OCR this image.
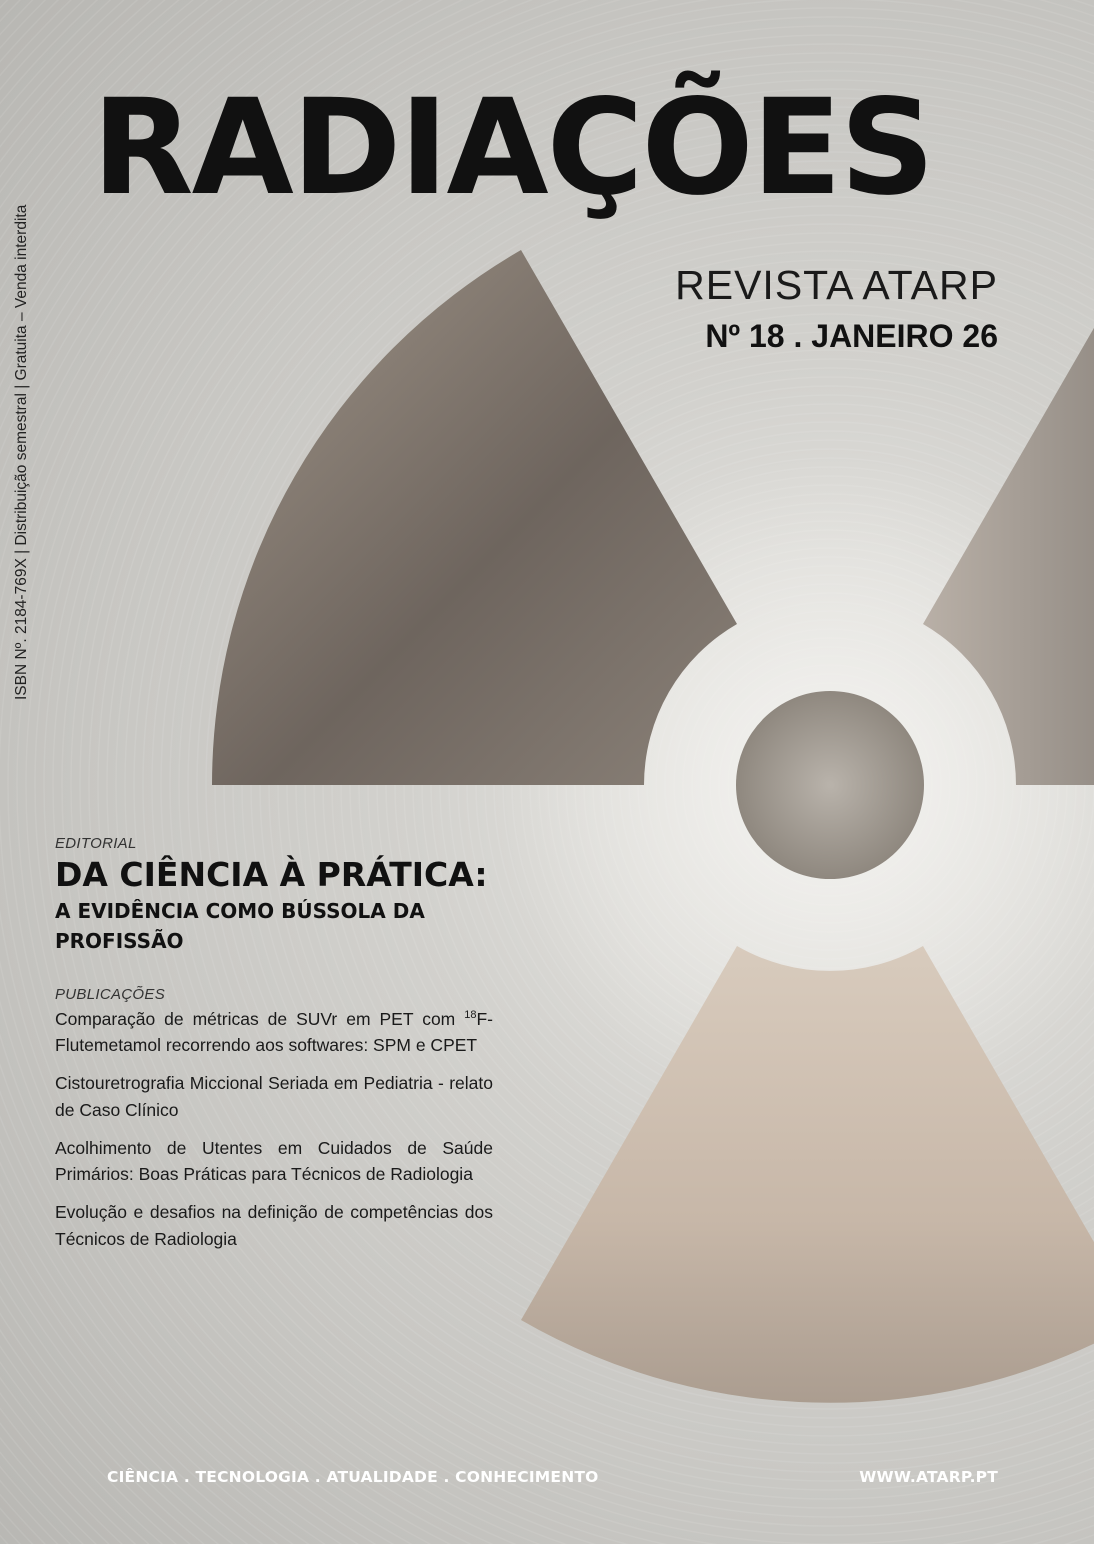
ISBN Nº. 2184-769X | Distribuição semestral | Gratuita – Venda interdita
RADIAÇÕES
REVISTA ATARP
Nº 18 . JANEIRO 26
EDITORIAL
DA CIÊNCIA À PRÁTICA:
A EVIDÊNCIA COMO BÚSSOLA DA PROFISSÃO
PUBLICAÇÕES
Comparação de métricas de SUVr em PET com $^{18}$F-Flutemetamol recorrendo aos softwares: SPM e CPET
Cistouretrografia Miccional Seriada em Pediatria - relato de Caso Clínico
Acolhimento de Utentes em Cuidados de Saúde Primários: Boas Práticas para Técnicos de Radiologia
Evolução e desafios na definição de competências dos Técnicos de Radiologia
CIÊNCIA . TECNOLOGIA . ATUALIDADE . CONHECIMENTO	WWW.ATARP.PT
